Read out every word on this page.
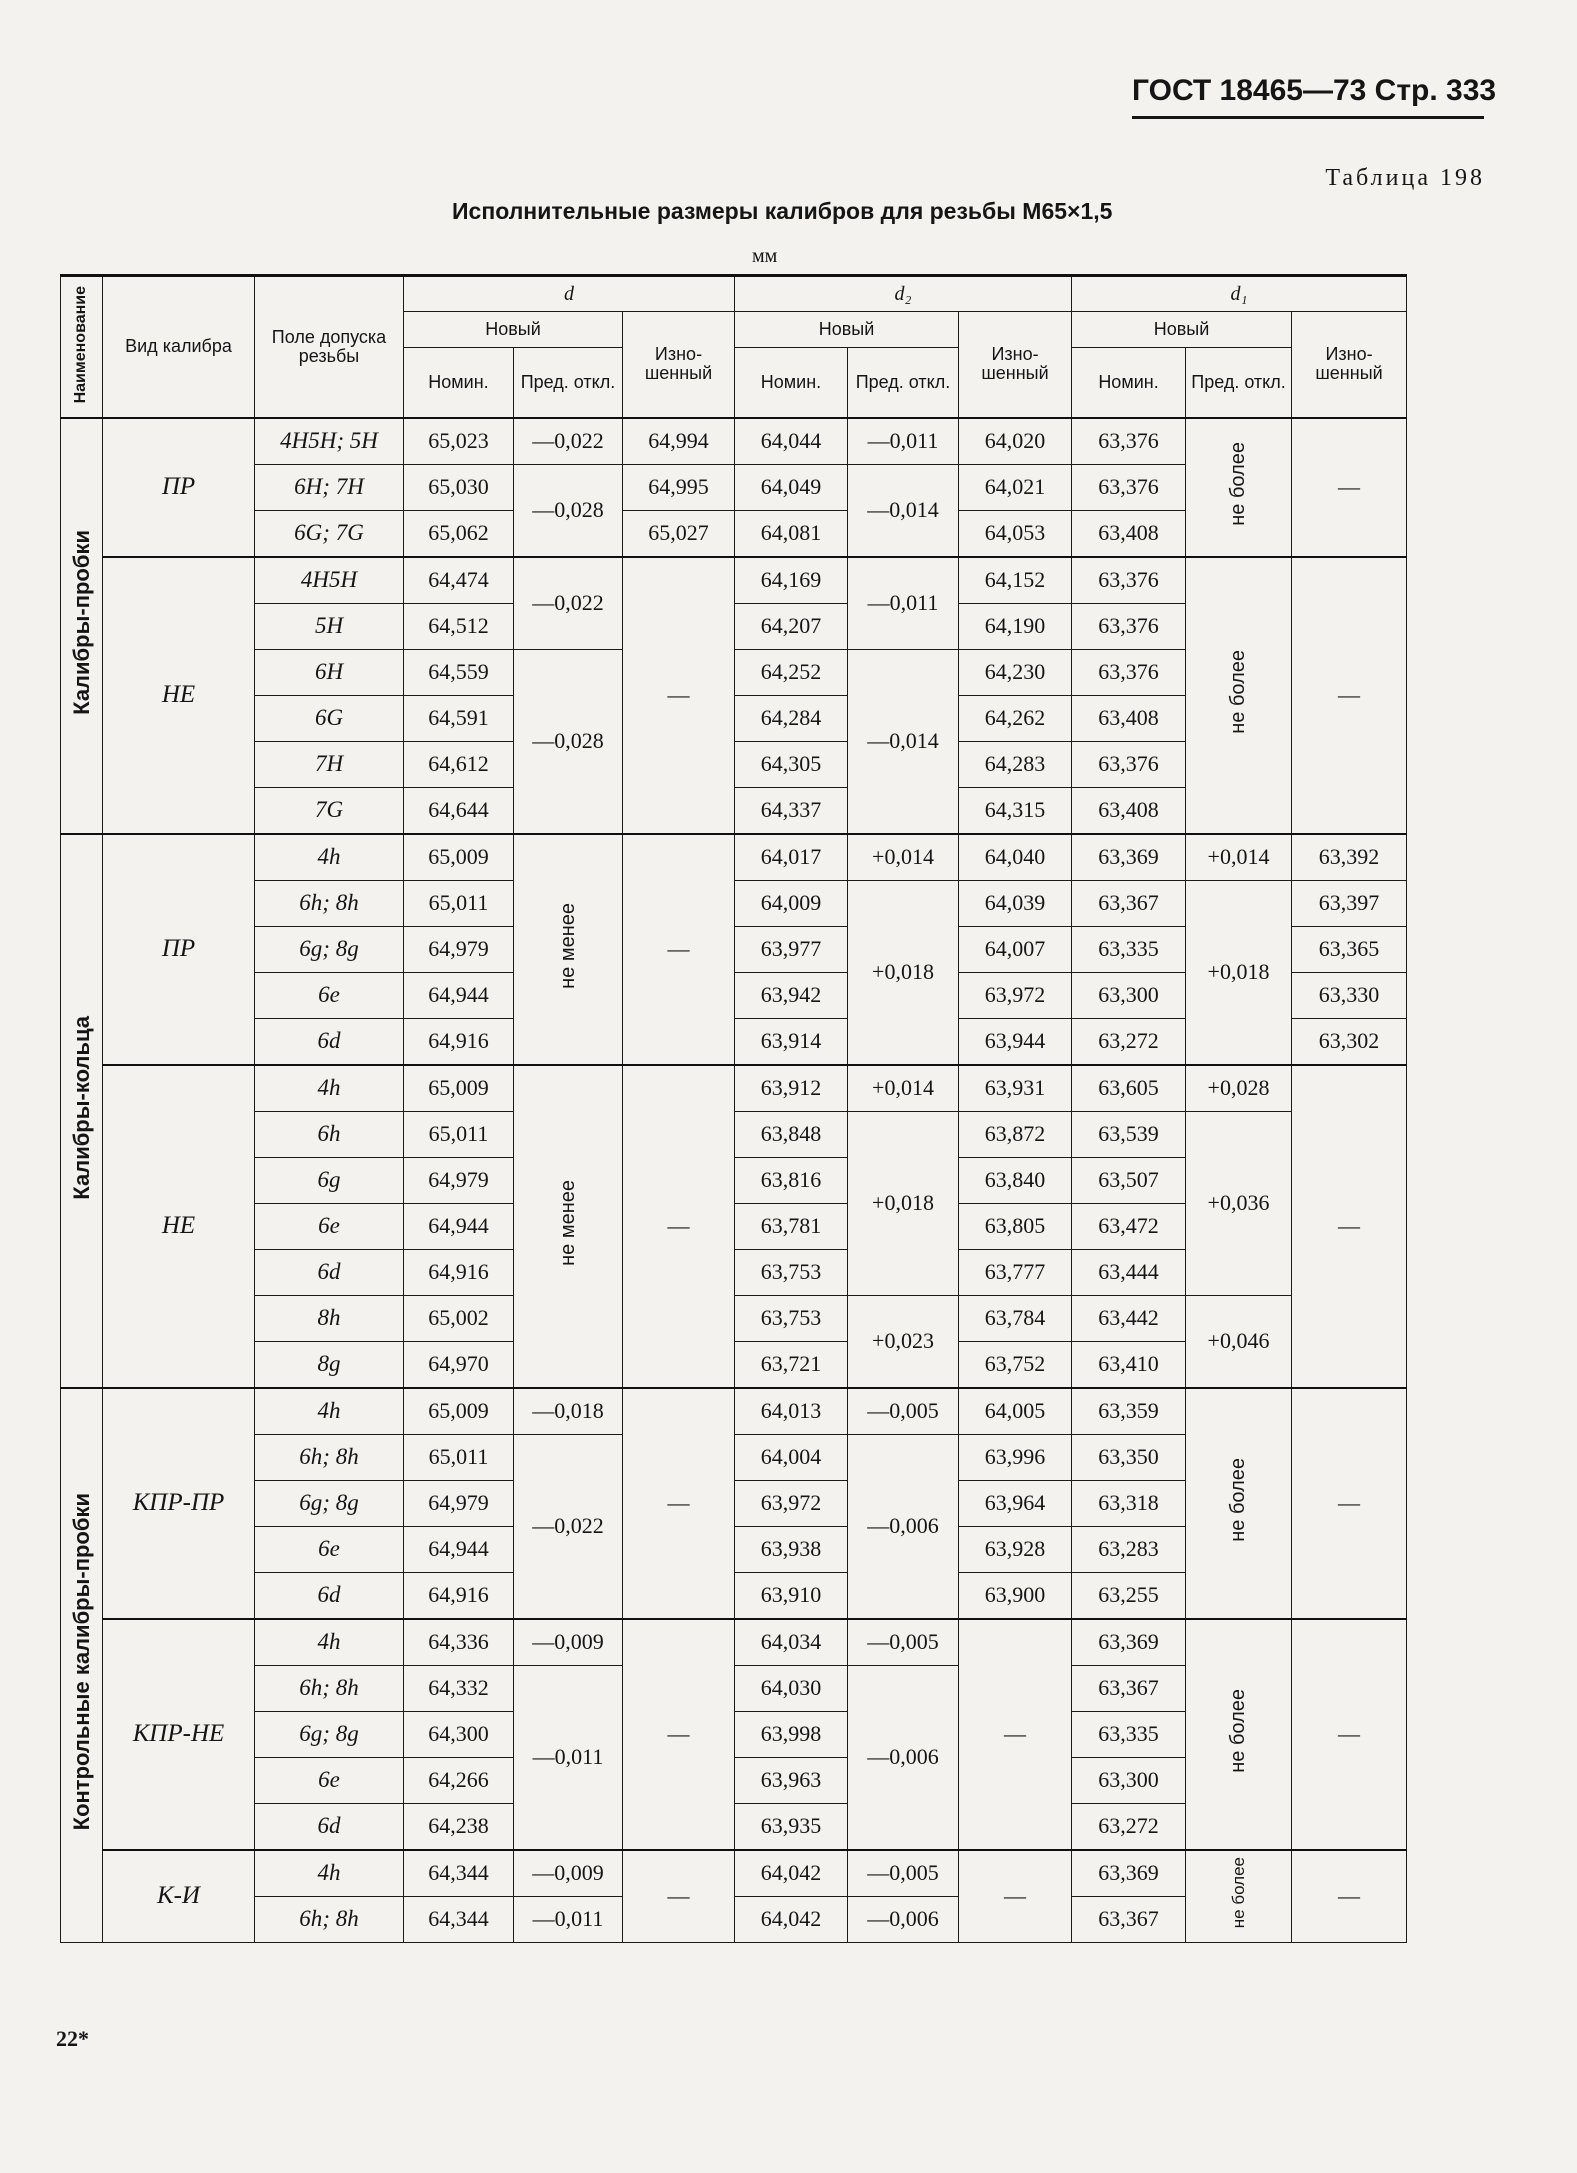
ГОСТ 18465—73 Стр. 333
Таблица 198
Исполнительные размеры калибров для резьбы М65×1,5
мм
Наименование	Вид калибра	Поле допуска резьбы	d			d₂			d₁		
			Новый		Изно-шенный	Новый		Изно-шенный	Новый		Изно-шенный
			Номин.	Пред. откл.		Номин.	Пред. откл.		Номин.	Пред. откл.	
Калибры-пробки	ПР	4H5H; 5H	65,023	—0,022	64,994	64,044	—0,011	64,020	63,376	не более	—
		6H; 7H	65,030	—0,028	64,995	64,049	—0,014	64,021	63,376		
		6G; 7G	65,062		65,027	64,081		64,053	63,408		
	НЕ	4H5H	64,474	—0,022	—	64,169	—0,011	64,152	63,376	не более	—
		5H	64,512			64,207		64,190	63,376		
		6H	64,559	—0,028		64,252	—0,014	64,230	63,376		
		6G	64,591			64,284		64,262	63,408		
		7H	64,612			64,305		64,283	63,376		
		7G	64,644			64,337		64,315	63,408		
Калибры-кольца	ПР	4h	65,009	не менее	—	64,017	+0,014	64,040	63,369	+0,014	63,392
		6h; 8h	65,011			64,009	+0,018	64,039	63,367	+0,018	63,397
		6g; 8g	64,979			63,977		64,007	63,335		63,365
		6e	64,944			63,942		63,972	63,300		63,330
		6d	64,916			63,914		63,944	63,272		63,302
	НЕ	4h	65,009	не менее	—	63,912	+0,014	63,931	63,605	+0,028	—
		6h	65,011			63,848	+0,018	63,872	63,539	+0,036	
		6g	64,979			63,816		63,840	63,507		
		6e	64,944			63,781		63,805	63,472		
		6d	64,916			63,753		63,777	63,444		
		8h	65,002			63,753	+0,023	63,784	63,442	+0,046	
		8g	64,970			63,721		63,752	63,410		
Контрольные калибры-пробки	КПР-ПР	4h	65,009	—0,018	—	64,013	—0,005	64,005	63,359	не более	—
		6h; 8h	65,011	—0,022		64,004	—0,006	63,996	63,350		
		6g; 8g	64,979			63,972		63,964	63,318		
		6e	64,944			63,938		63,928	63,283		
		6d	64,916			63,910		63,900	63,255		
	КПР-НЕ	4h	64,336	—0,009	—	64,034	—0,005	—	63,369	не более	—
		6h; 8h	64,332	—0,011		64,030	—0,006		63,367		
		6g; 8g	64,300			63,998			63,335		
		6e	64,266			63,963			63,300		
		6d	64,238			63,935			63,272		
	К-И	4h	64,344	—0,009	—	64,042	—0,005	—	63,369	не более	—
		6h; 8h	64,344	—0,011		64,042	—0,006		63,367		
22*
